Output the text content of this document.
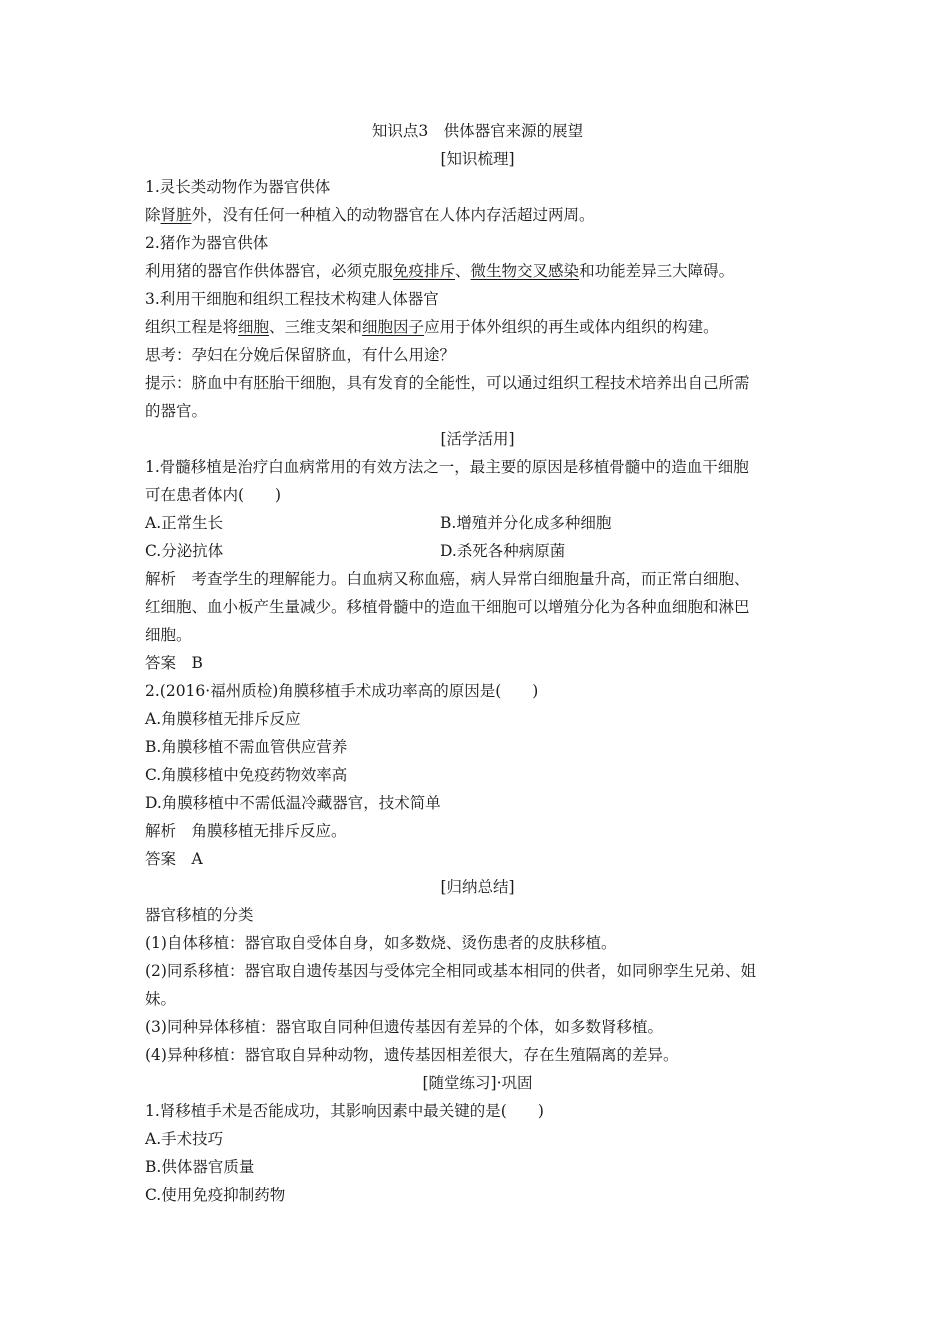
知识点3　供体器官来源的展望
[知识梳理]
1.灵长类动物作为器官供体
除肾脏外，没有任何一种植入的动物器官在人体内存活超过两周。
2.猪作为器官供体
利用猪的器官作供体器官，必须克服免疫排斥、微生物交叉感染和功能差异三大障碍。
3.利用干细胞和组织工程技术构建人体器官
组织工程是将细胞、三维支架和细胞因子应用于体外组织的再生或体内组织的构建。
思考：孕妇在分娩后保留脐血，有什么用途？
提示：脐血中有胚胎干细胞，具有发育的全能性，可以通过组织工程技术培养出自己所需
的器官。
[活学活用]
1.骨髓移植是治疗白血病常用的有效方法之一，最主要的原因是移植骨髓中的造血干细胞
可在患者体内(　　)
A.正常生长	B.增殖并分化成多种细胞
C.分泌抗体	D.杀死各种病原菌
解析　考查学生的理解能力。白血病又称血癌，病人异常白细胞量升高，而正常白细胞、
红细胞、血小板产生量减少。移植骨髓中的造血干细胞可以增殖分化为各种血细胞和淋巴
细胞。
答案　B
2.(2016·福州质检)角膜移植手术成功率高的原因是(　　)
A.角膜移植无排斥反应
B.角膜移植不需血管供应营养
C.角膜移植中免疫药物效率高
D.角膜移植中不需低温冷藏器官，技术简单
解析　角膜移植无排斥反应。
答案　A
[归纳总结]
器官移植的分类
(1)自体移植：器官取自受体自身，如多数烧、烫伤患者的皮肤移植。
(2)同系移植：器官取自遗传基因与受体完全相同或基本相同的供者，如同卵孪生兄弟、姐
妹。
(3)同种异体移植：器官取自同种但遗传基因有差异的个体，如多数肾移植。
(4)异种移植：器官取自异种动物，遗传基因相差很大，存在生殖隔离的差异。
[随堂练习]·巩固
1.肾移植手术是否能成功，其影响因素中最关键的是(　　)
A.手术技巧
B.供体器官质量
C.使用免疫抑制药物
